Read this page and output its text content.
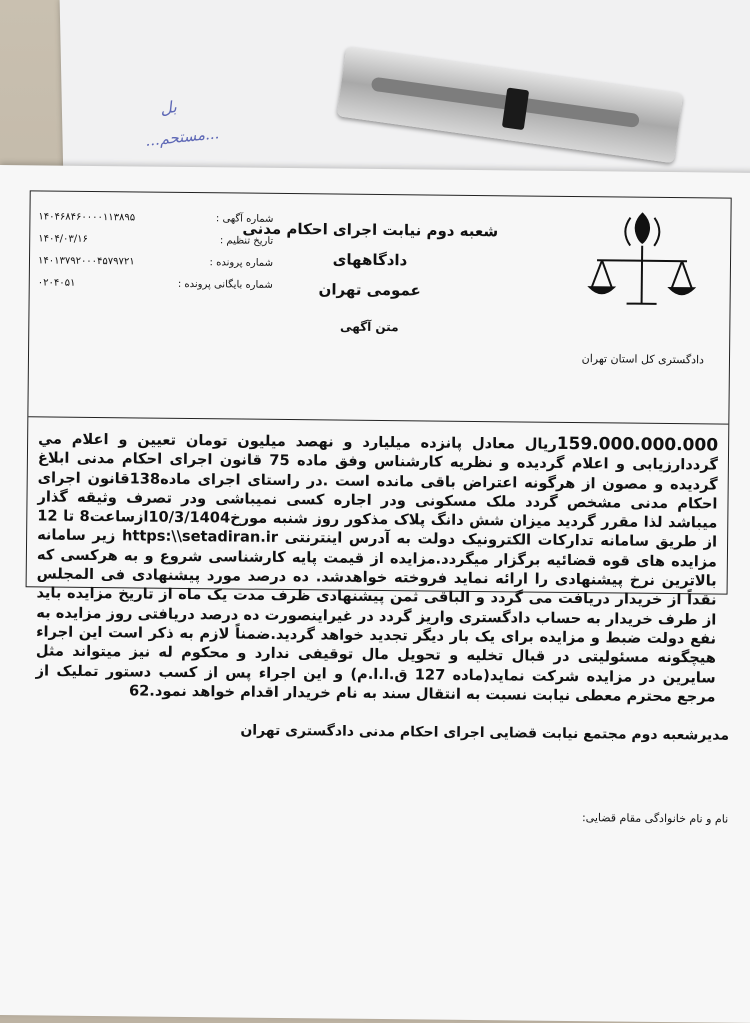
بل
...مستحم...
دادگستری کل استان تهران
شعبه دوم نیابت اجرای احکام مدنی دادگاههای
عمومی تهران
متن آگهی
۱۴۰۴۶۸۴۶۰۰۰۰۱۱۳۸۹۵	شماره آگهی :
۱۴۰۴/۰۳/۱۶	تاریخ تنظیم :
۱۴۰۱۳۷۹۲۰۰۰۴۵۷۹۷۲۱	شماره پرونده :
۰۲۰۴۰۵۱	شماره بایگانی پرونده :

159.000.000.000ریال معادل پانزده میلیارد و نهصد میلیون تومان تعیین و اعلام مي گرددارزیابی و اعلام گردیده و نظریه کارشناس وفق ماده 75 قانون اجرای احکام مدنی ابلاغ گردیده و مصون از هرگونه اعتراض باقی مانده است .در راستای اجرای ماده138قانون اجرای احکام مدنی مشخص گردد ملک مسکونی ودر اجاره کسی نمیباشی ودر تصرف وثیقه گذار میباشد لذا مقرر گردید میزان شش دانگ پلاک مذکور روز شنبه مورخ10/3/1404ازساعت8 تا 12 از طریق سامانه تدارکات الکترونیک دولت به آدرس اینترنتی https:\\setadiran.ir زیر سامانه مزایده های قوه قضائیه برگزار میگردد.مزایده از قیمت پایه کارشناسی شروع و به هرکسی که بالاترین نرخ پیشنهادی را ارائه نماید فروخته خواهدشد. ده درصد مورد پیشنهادی فی المجلس نقداً از خریدار دریافت می گردد و الباقی ثمن پیشنهادی ظرف مدت یک ماه از تاریخ مزایده باید از طرف خریدار به حساب دادگستری واریز گردد در غیراینصورت ده درصد دریافتی روز مزایده به نفع دولت ضبط و مزایده برای یک بار دیگر تجدید خواهد گردید.ضمناً لازم به ذکر است این اجراء هیچگونه مسئولیتی در قبال تخلیه و تحویل مال توقیفی ندارد و محکوم له نیز میتواند مثل سایرین در مزایده شرکت نماید(ماده 127 ق.ا.ا.م) و این اجراء پس از کسب دستور تملیک از مرجع محترم معطی نیابت نسبت به انتقال سند به نام خریدار اقدام خواهد نمود.62

مدیرشعبه دوم مجتمع نیابت قضایی اجرای احکام مدنی دادگستری تهران
نام و نام خانوادگی مقام قضایی:
